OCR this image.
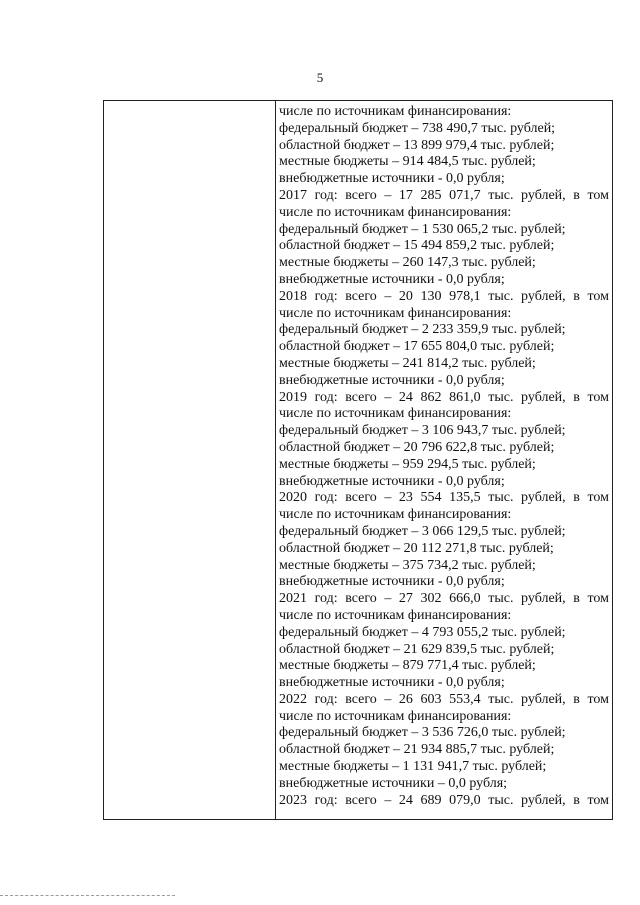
5
числе по источникам финансирования:
федеральный бюджет – 738 490,7 тыс. рублей;
областной бюджет – 13 899 979,4 тыс. рублей;
местные бюджеты – 914 484,5 тыс. рублей;
внебюджетные источники - 0,0 рубля;
2017 год: всего – 17 285 071,7 тыс. рублей, в том
числе по источникам финансирования:
федеральный бюджет – 1 530 065,2 тыс. рублей;
областной бюджет – 15 494 859,2 тыс. рублей;
местные бюджеты – 260 147,3 тыс. рублей;
внебюджетные источники - 0,0 рубля;
2018 год: всего – 20 130 978,1 тыс. рублей, в том
числе по источникам финансирования:
федеральный бюджет – 2 233 359,9 тыс. рублей;
областной бюджет – 17 655 804,0 тыс. рублей;
местные бюджеты – 241 814,2 тыс. рублей;
внебюджетные источники - 0,0 рубля;
2019 год: всего – 24 862 861,0 тыс. рублей, в том
числе по источникам финансирования:
федеральный бюджет – 3 106 943,7 тыс. рублей;
областной бюджет – 20 796 622,8 тыс. рублей;
местные бюджеты – 959 294,5 тыс. рублей;
внебюджетные источники - 0,0 рубля;
2020 год: всего – 23 554 135,5 тыс. рублей, в том
числе по источникам финансирования:
федеральный бюджет – 3 066 129,5 тыс. рублей;
областной бюджет – 20 112 271,8 тыс. рублей;
местные бюджеты – 375 734,2 тыс. рублей;
внебюджетные источники - 0,0 рубля;
2021 год: всего – 27 302 666,0 тыс. рублей, в том
числе по источникам финансирования:
федеральный бюджет – 4 793 055,2 тыс. рублей;
областной бюджет – 21 629 839,5 тыс. рублей;
местные бюджеты – 879 771,4 тыс. рублей;
внебюджетные источники - 0,0 рубля;
2022 год: всего – 26 603 553,4 тыс. рублей, в том
числе по источникам финансирования:
федеральный бюджет – 3 536 726,0 тыс. рублей;
областной бюджет – 21 934 885,7 тыс. рублей;
местные бюджеты – 1 131 941,7 тыс. рублей;
внебюджетные источники – 0,0 рубля;
2023 год: всего – 24 689 079,0 тыс. рублей, в том
